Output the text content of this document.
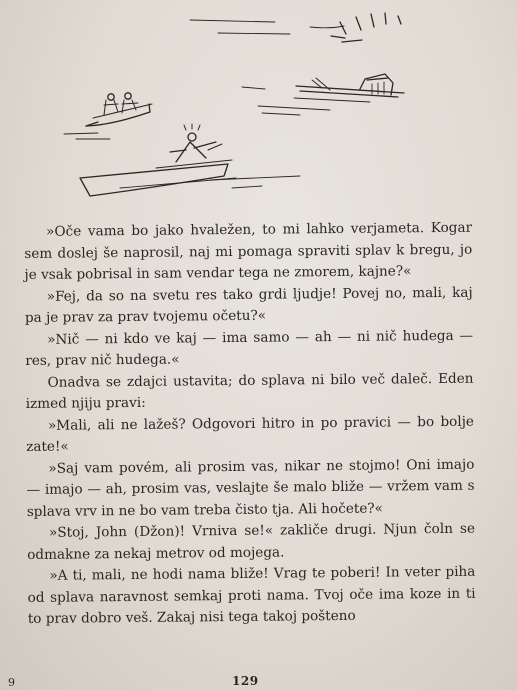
»Oče vama bo jako hvaležen, to mi lahko verjameta. Kogar sem doslej še naprosil, naj mi pomaga spraviti splav k bregu, jo je vsak pobrisal in sam vendar tega ne zmorem, kajne?«

»Fej, da so na svetu res tako grdi ljudje! Povej no, mali, kaj pa je prav za prav tvojemu očetu?«

»Nič — ni kdo ve kaj — ima samo — ah — ni nič hudega — res, prav nič hudega.«

Onadva se zdajci ustavita; do splava ni bilo več dalеč. Eden izmed njiju pravi:

»Mali, ali ne lažeš? Odgovori hitro in po pravici — bo bolje zate!«

»Saj vam povém, ali prosim vas, nikar ne stojmo! Oni imajo — imajo — ah, prosim vas, veslajte še malo bliže — vržem vam s splava vrv in ne bo vam treba čisto tja. Ali hočete?«

»Stoj, John (Džon)! Vrniva se!« zakliče drugi. Njun čoln se odmakne za nekaj metrov od mojega.

»A ti, mali, ne hodi nama bliže! Vrag te poberi! In veter piha od splava naravnost semkaj proti nama. Tvoj oče ima koze in ti to prav dobro veš. Zakaj nisi tega takoj pošteno

9	129
